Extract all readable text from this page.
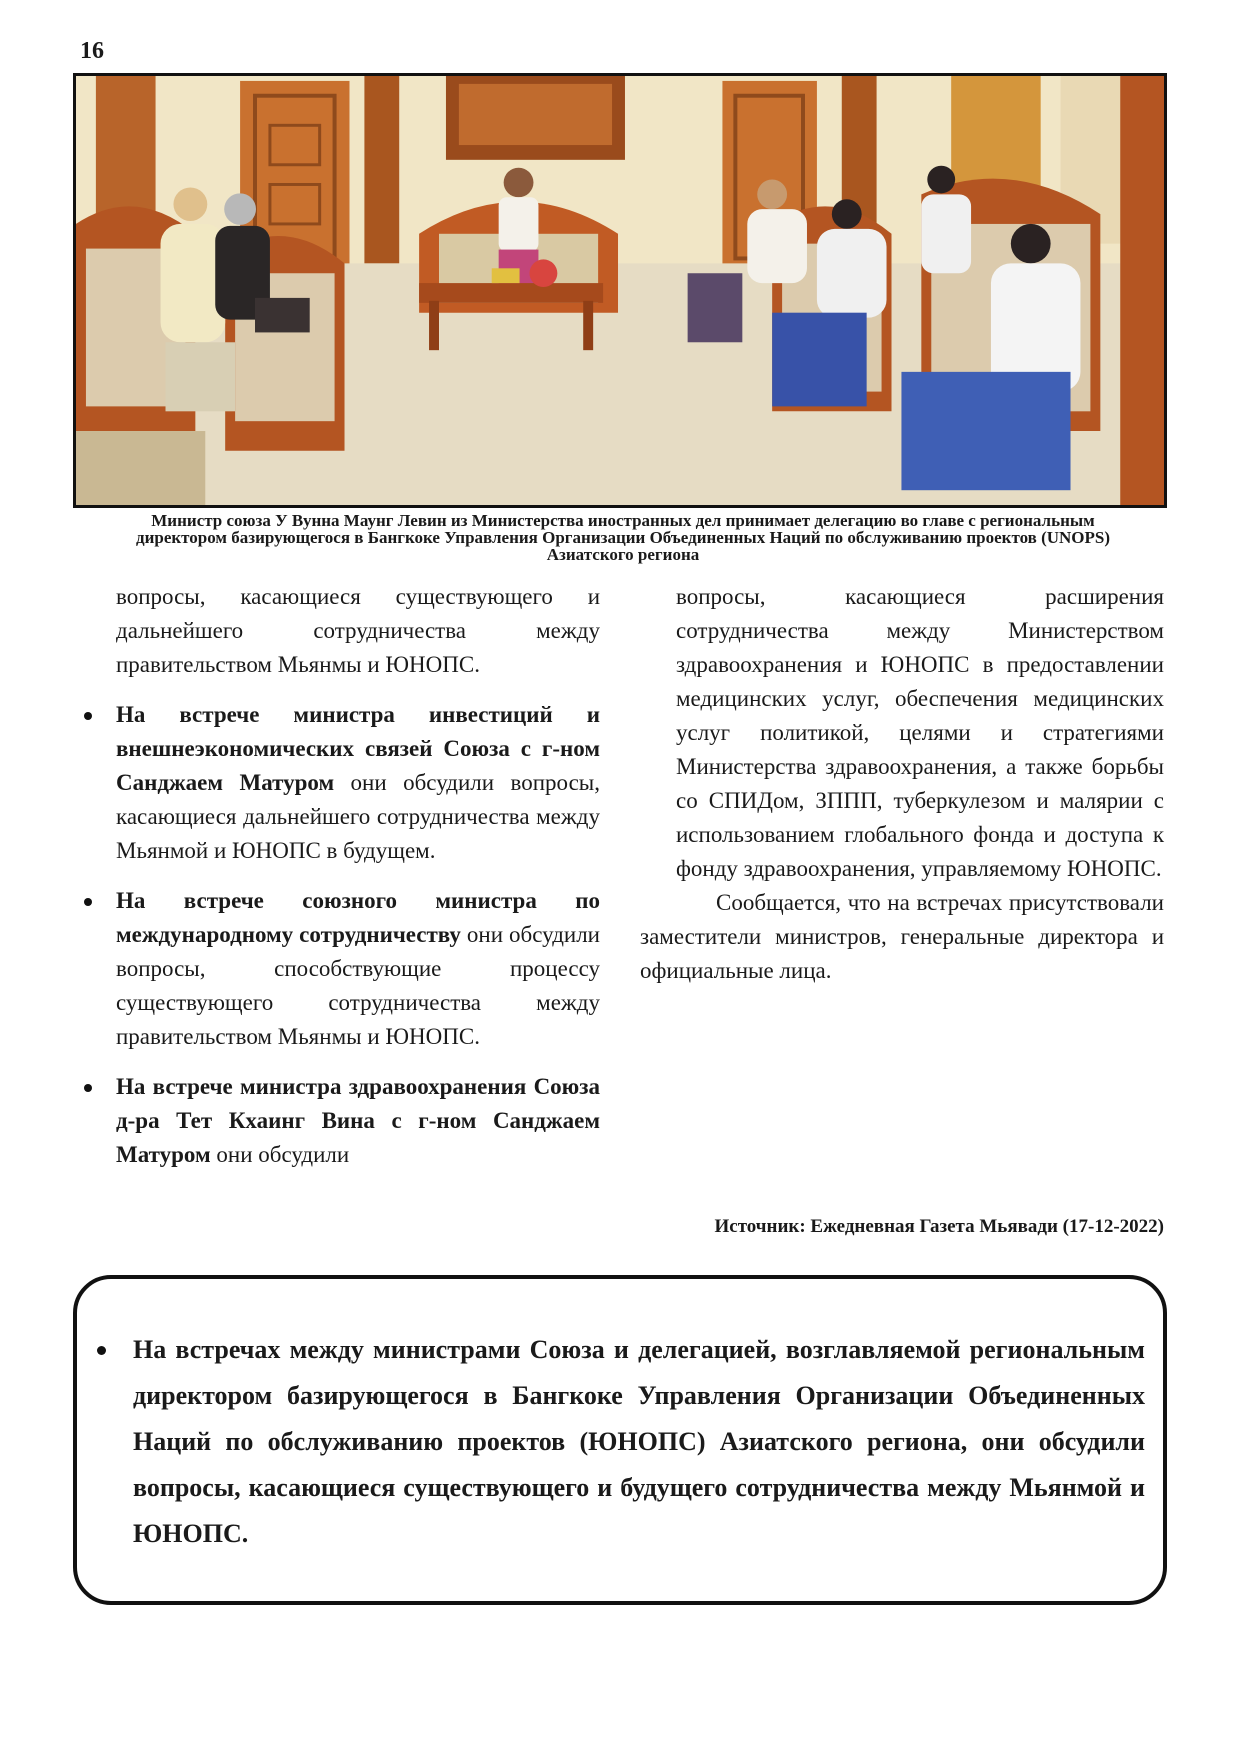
16
Министр союза У Вунна Маунг Левин из Министерства иностранных дел принимает делегацию во главе с региональным директором базирующегося в Бангкоке Управления Организации Объединенных Наций по обслуживанию проектов (UNOPS) Азиатского региона

вопросы, касающиеся существующего и дальнейшего сотрудничества между правительством Мьянмы и ЮНОПС.

На встрече министра инвестиций и внешнеэкономических связей Союза с г-ном Санджаем Матуром они обсудили вопросы, касающиеся дальнейшего сотрудничества между Мьянмой и ЮНОПС в будущем.
На встрече союзного министра по международному сотрудничеству они обсудили вопросы, способствующие процессу существующего сотрудничества между правительством Мьянмы и ЮНОПС.
На встрече министра здравоохранения Союза д-ра Тет Кхаинг Вина с г-ном Санджаем Матуром они обсудили

вопросы, касающиеся расширения сотрудничества между Министерством здравоохранения и ЮНОПС в предоставлении медицинских услуг, обеспечения медицинских услуг политикой, целями и стратегиями Министерства здравоохранения, а также борьбы со СПИДом, ЗППП, туберкулезом и малярии с использованием глобального фонда и доступа к фонду здравоохранения, управляемому ЮНОПС.

Сообщается, что на встречах присутствовали заместители министров, генеральные директора и официальные лица.

Источник: Ежедневная Газета Мьявади (17-12-2022)
На встречах между министрами Союза и делегацией, возглавляемой региональным директором базирующегося в Бангкоке Управления Организации Объединенных Наций по обслуживанию проектов (ЮНОПС) Азиатского региона, они обсудили вопросы, касающиеся существующего и будущего сотрудничества между Мьянмой и ЮНОПС.
